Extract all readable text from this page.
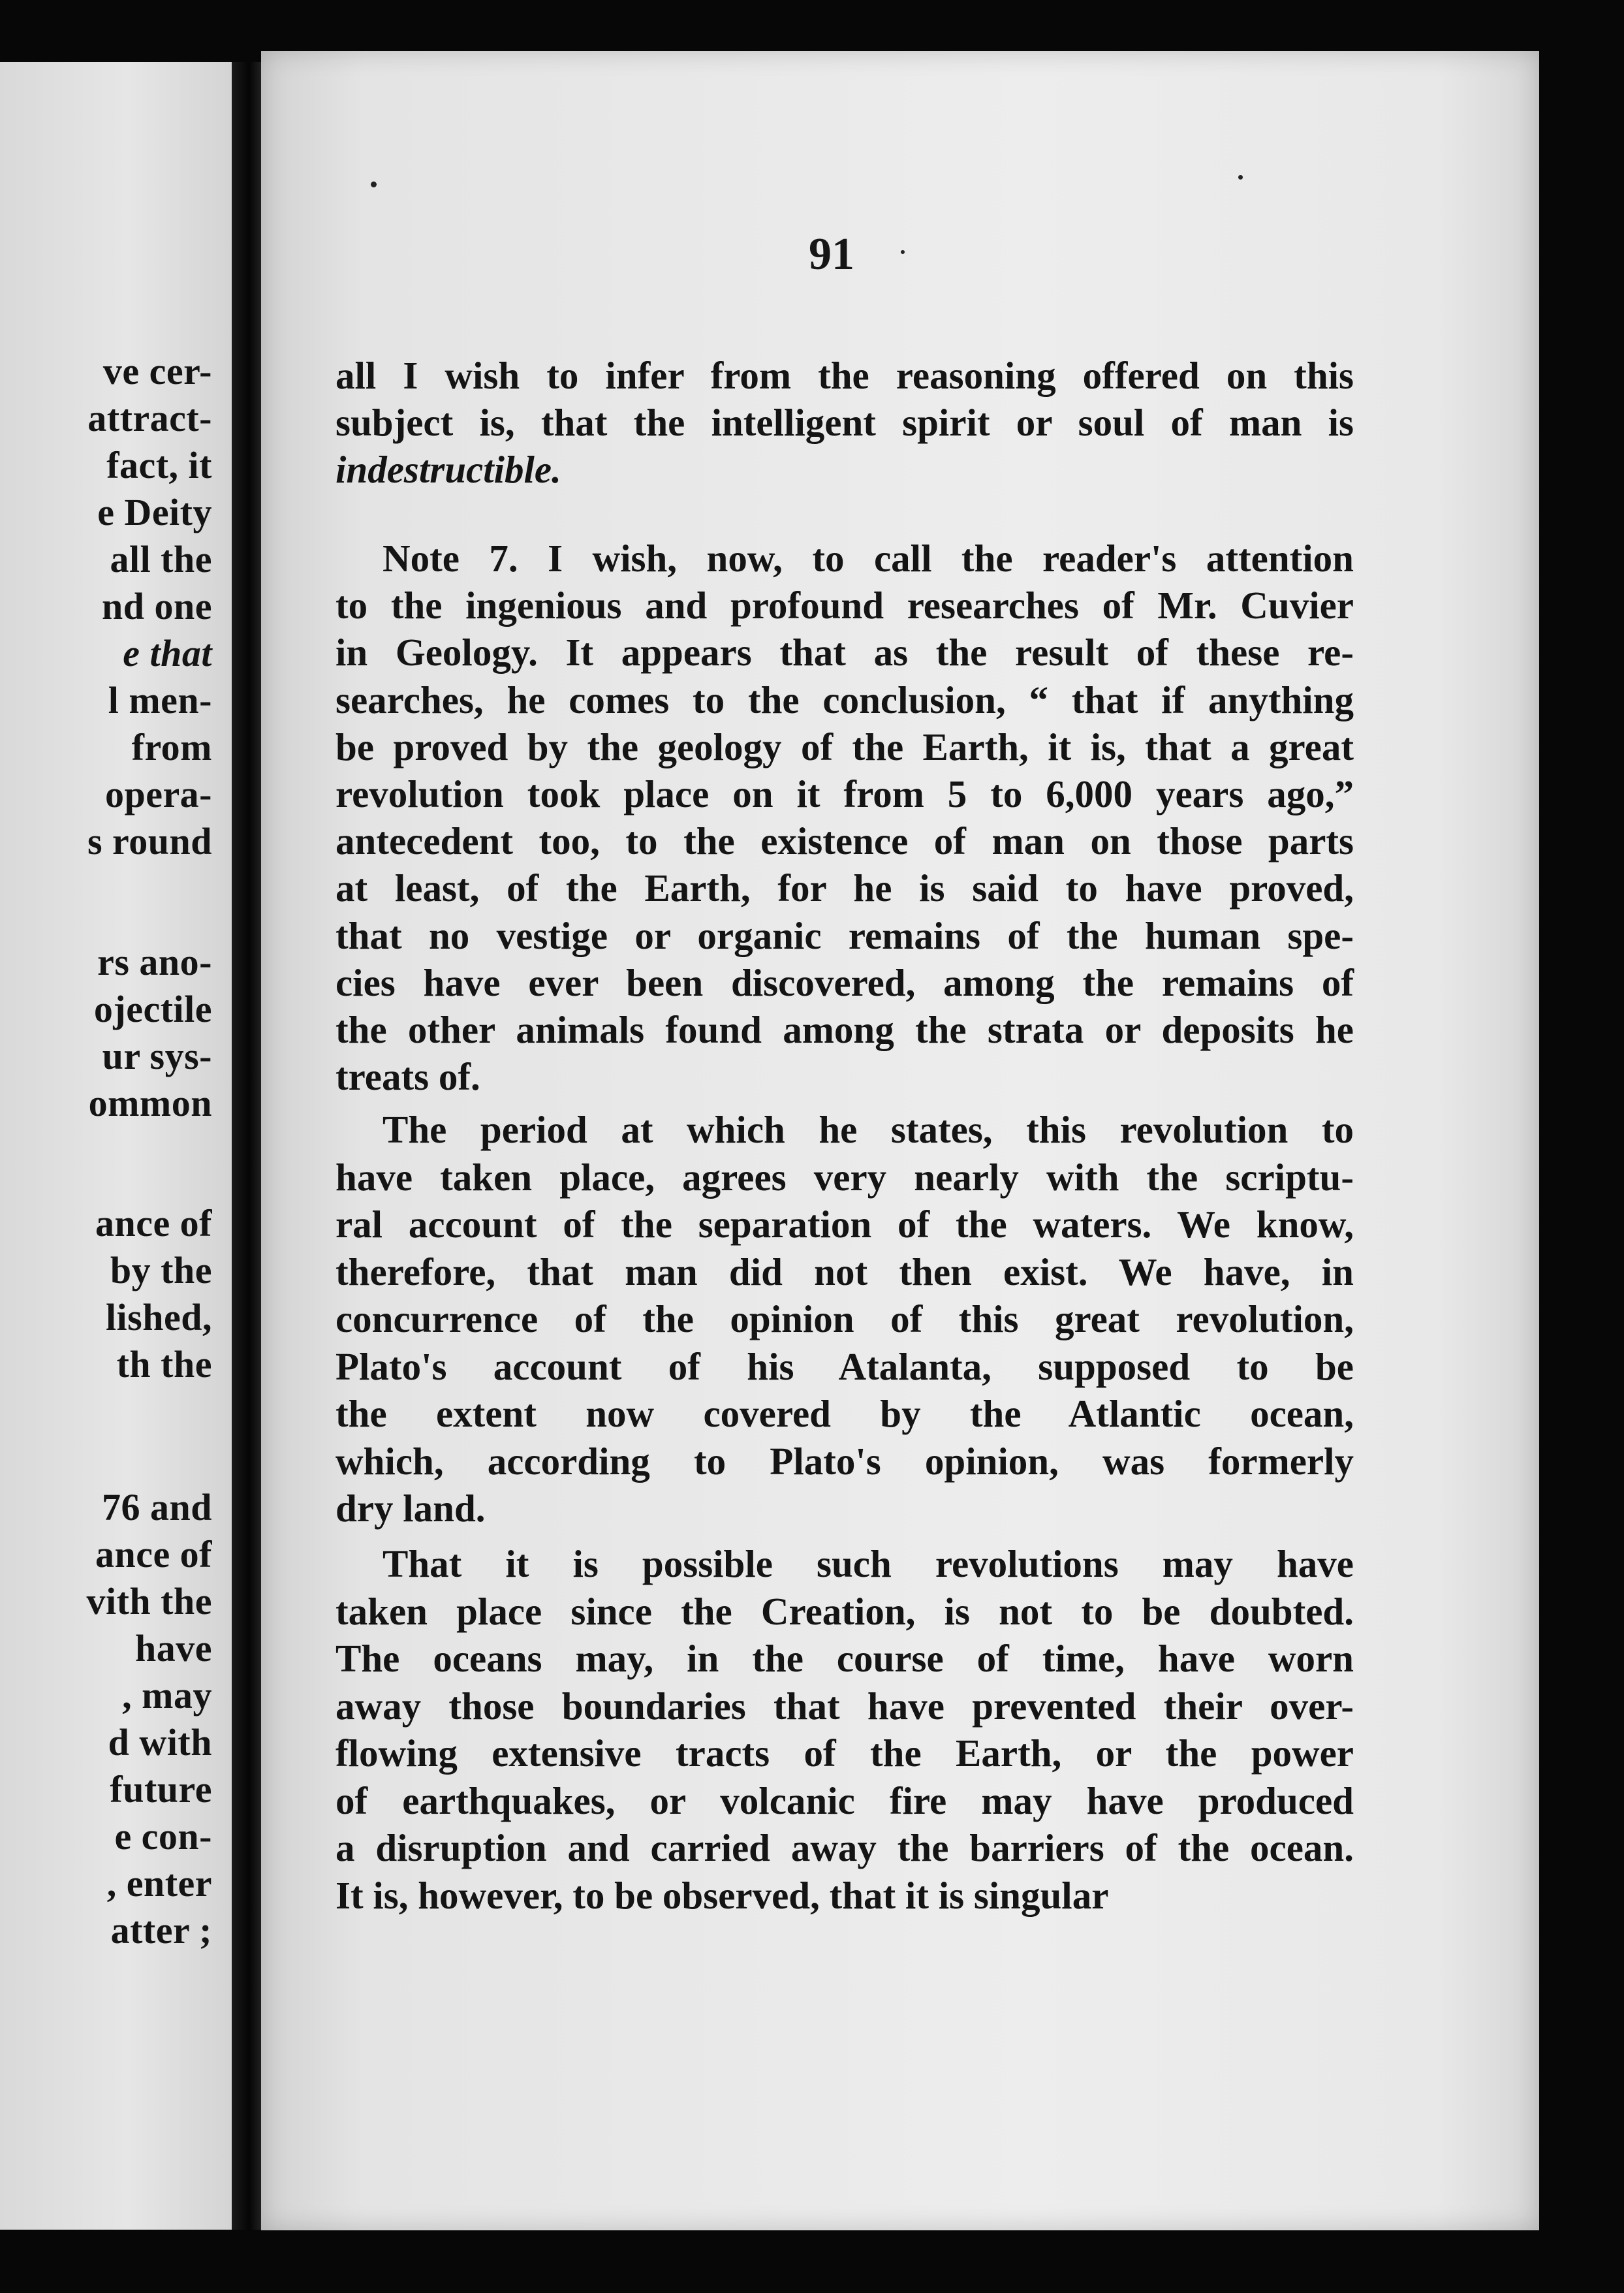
ve cer-
attract-
fact, it
e Deity
all the
nd one
e that
l men-
from
opera-
s round
rs ano-
ojectile
ur sys-
ommon
ance of
by the
lished,
th the
76 and
ance of
vith the
have
, may
d with
future
e con-
, enter
atter ;
91
all I wish to infer from the reasoning offered on this
subject is, that the intelligent spirit or soul of man is
indestructible.
Note 7. I wish, now, to call the reader's attention
to the ingenious and profound researches of Mr. Cuvier
in Geology. It appears that as the result of these re-
searches, he comes to the conclusion, “ that if anything
be proved by the geology of the Earth, it is, that a great
revolution took place on it from 5 to 6,000 years ago,”
antecedent too, to the existence of man on those parts
at least, of the Earth, for he is said to have proved,
that no vestige or organic remains of the human spe-
cies have ever been discovered, among the remains of
the other animals found among the strata or deposits he
treats of.
The period at which he states, this revolution to
have taken place, agrees very nearly with the scriptu-
ral account of the separation of the waters. We know,
therefore, that man did not then exist. We have, in
concurrence of the opinion of this great revolution,
Plato's account of his Atalanta, supposed to be
the extent now covered by the Atlantic ocean,
which, according to Plato's opinion, was formerly
dry land.
That it is possible such revolutions may have
taken place since the Creation, is not to be doubted.
The oceans may, in the course of time, have worn
away those boundaries that have prevented their over-
flowing extensive tracts of the Earth, or the power
of earthquakes, or volcanic fire may have produced
a disruption and carried away the barriers of the ocean.
It is, however, to be observed, that it is singular
